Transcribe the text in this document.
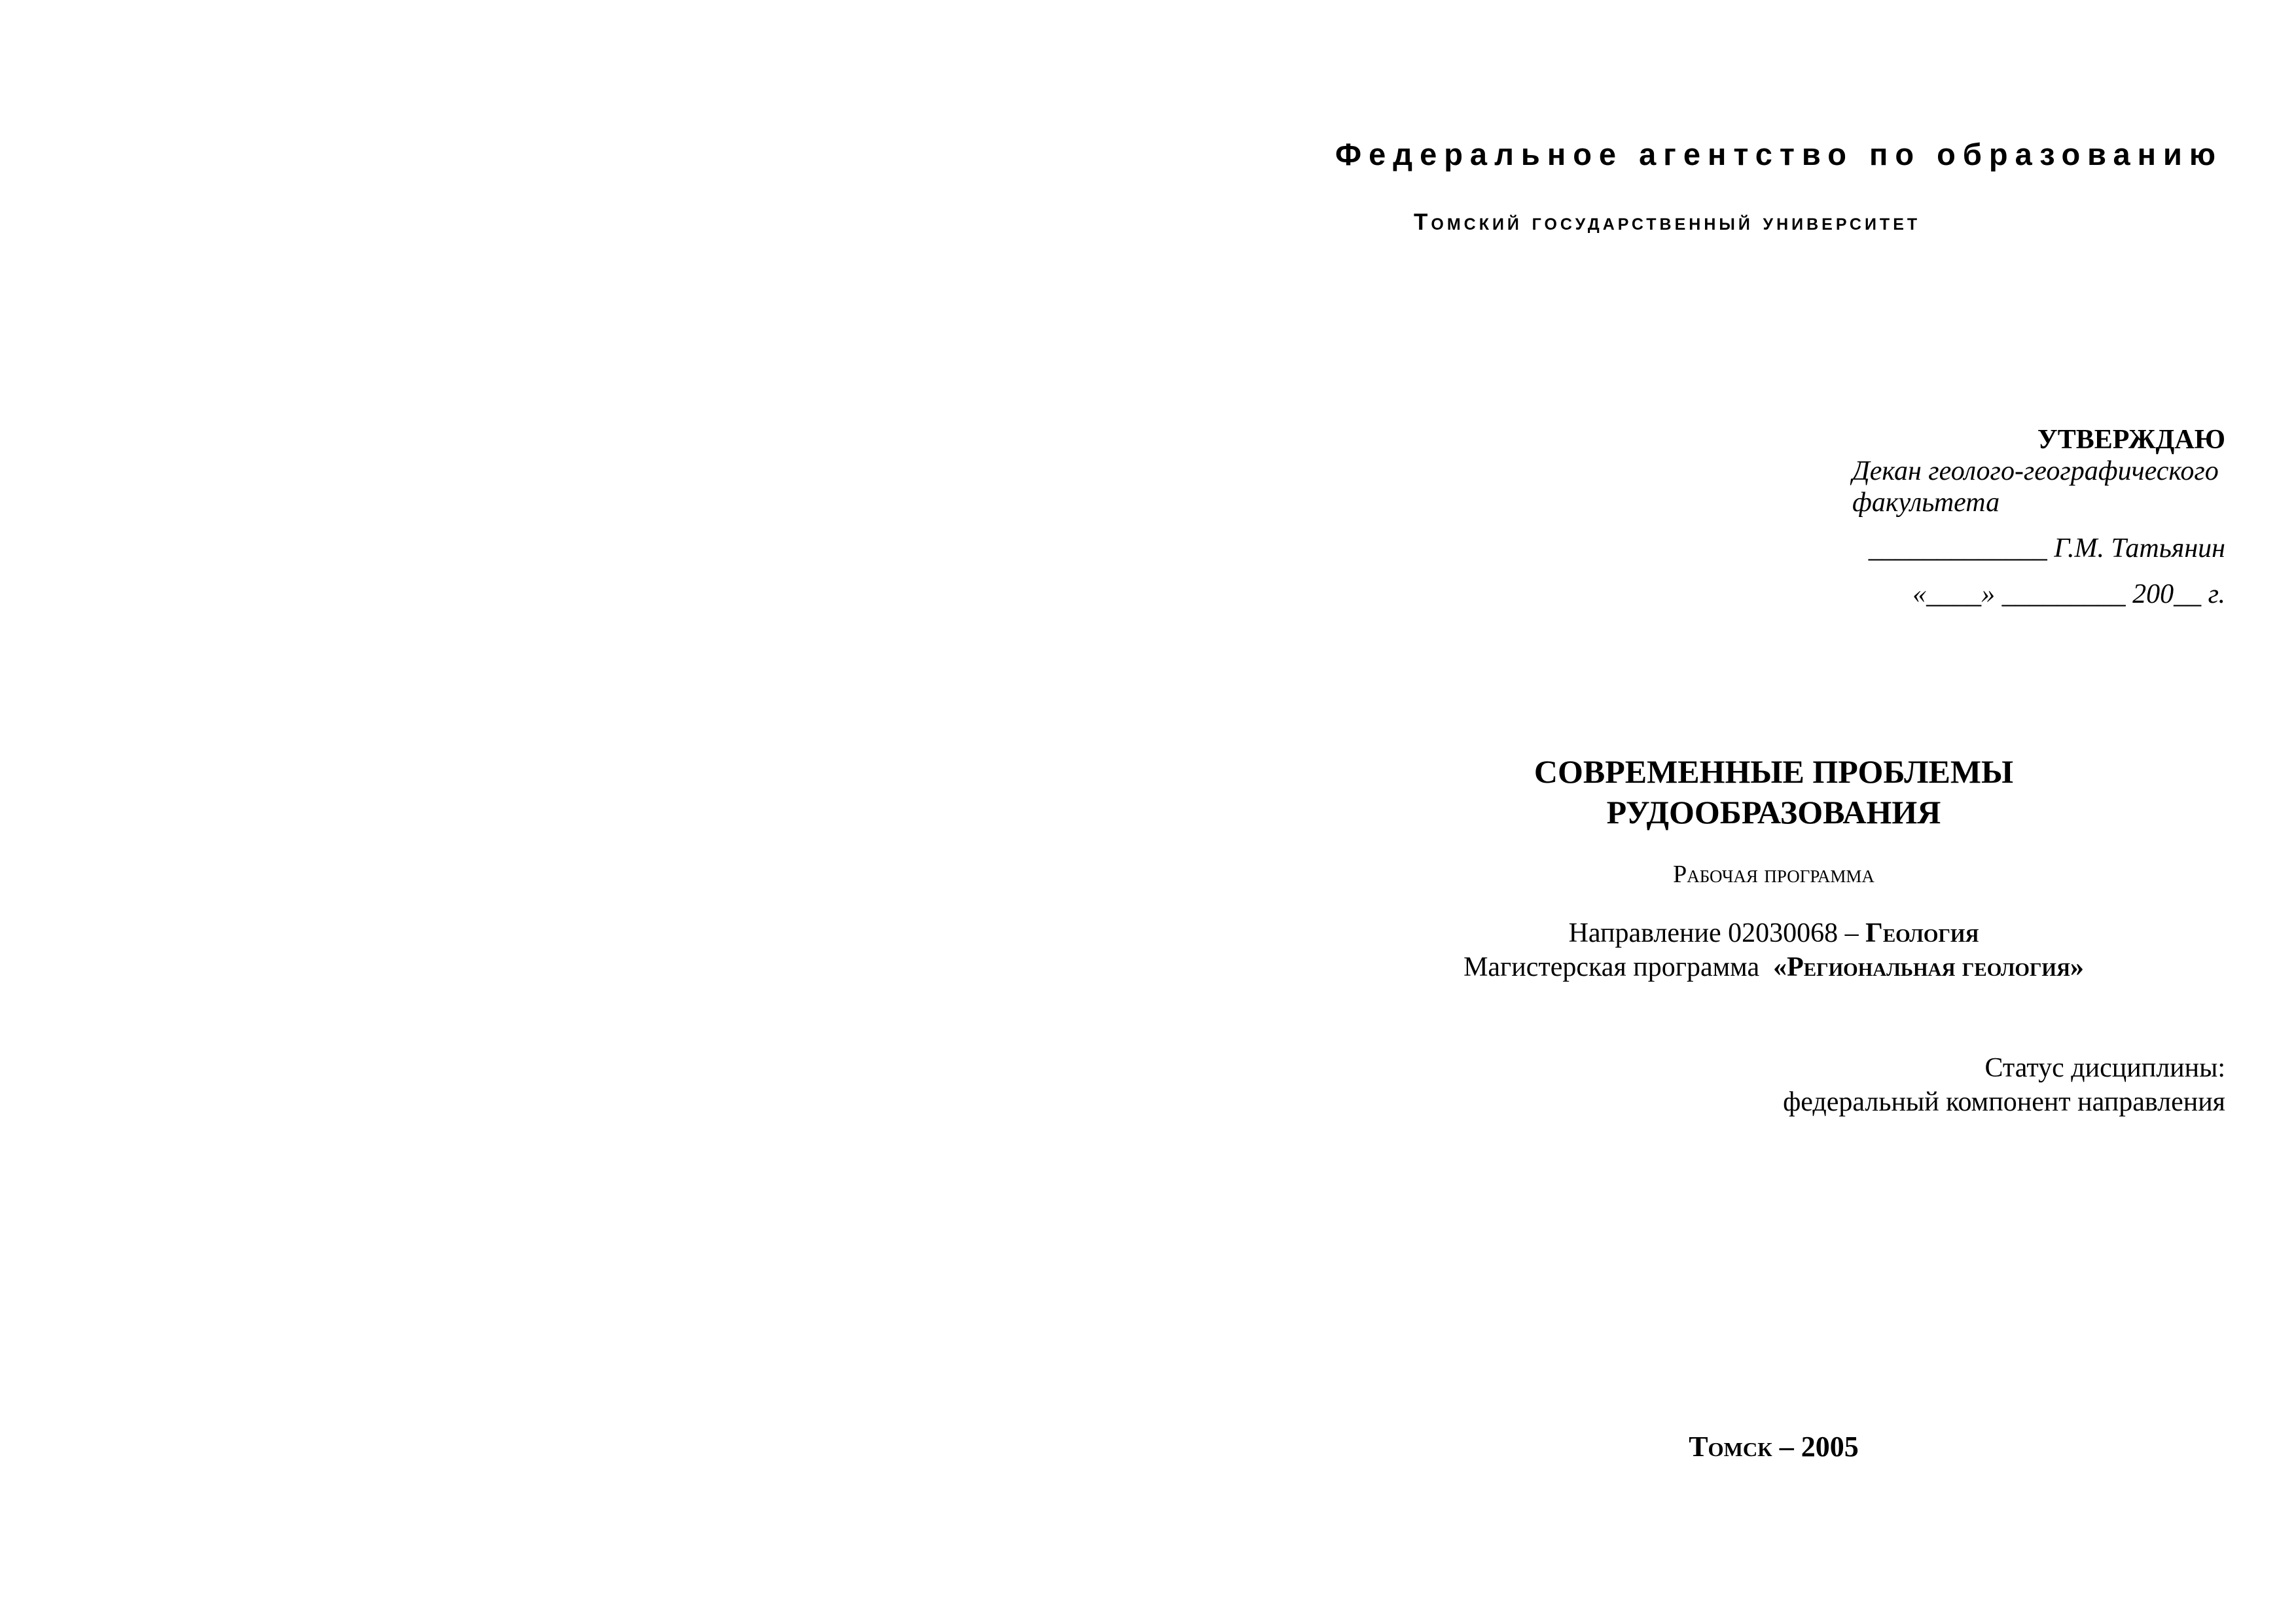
Федеральное агентство по образованию
Томский государственный университет
УТВЕРЖДАЮ
Декан геолого-географического
факультета
_____________ Г.М. Татьянин
«____» _________ 200__ г.
СОВРЕМЕННЫЕ ПРОБЛЕМЫ
РУДООБРАЗОВАНИЯ
Рабочая программа
Направление 02030068 – Геология
Магистерская программа  «Региональная геология»
Статус дисциплины:
федеральный компонент направления
Томск – 2005
